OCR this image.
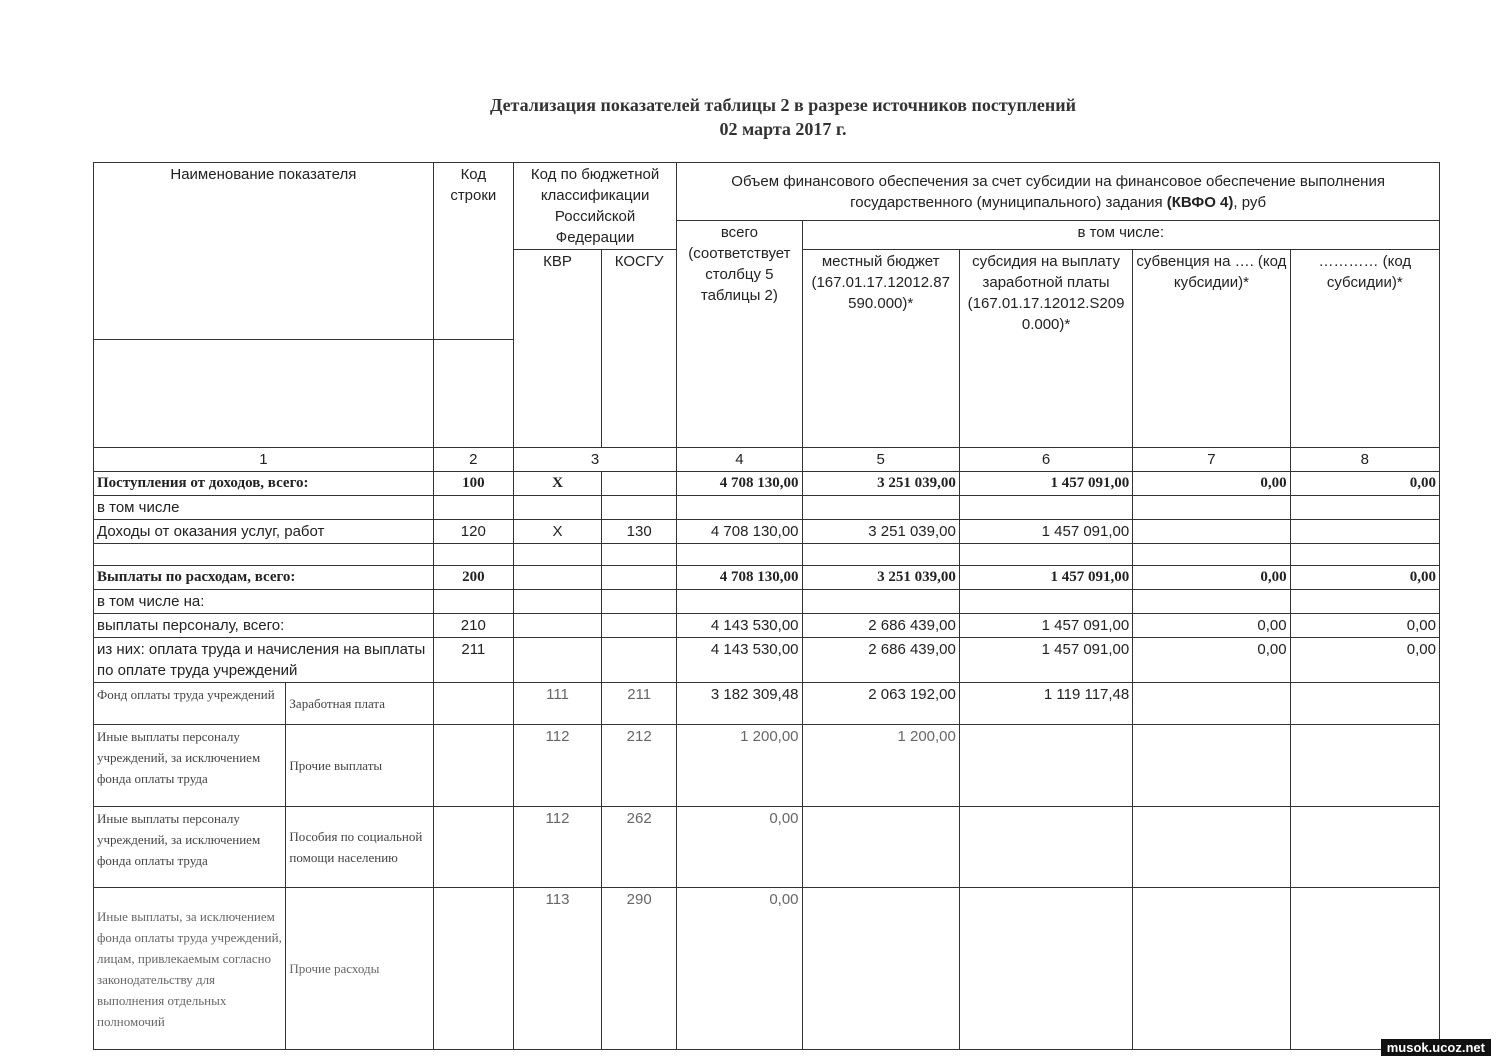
Детализация показателей таблицы 2 в разрезе источников поступлений
02 марта 2017 г.
Наименование показателя		Код строки	Код по бюджетной классификации Российской Федерации		Объем финансового обеспечения за счет субсидии на финансовое обеспечение выполнения государственного (муниципального) задания (КВФО 4), руб				
					всего (соответствует столбцу 5 таблицы 2)	в том числе:			
			КВР	КОСГУ		местный бюджет (167.01.17.12012.87 590.000)*	субсидия на выплату заработной платы (167.01.17.12012.S209 0.000)*	субвенция на …. (код кубсидии)*	………… (код субсидии)*

1		2	3		4	5	6	7	8
Поступления от доходов, всего:		100	Х		4 708 130,00	3 251 039,00	1 457 091,00	0,00	0,00
в том числе									
Доходы от оказания услуг, работ		120	Х	130	4 708 130,00	3 251 039,00	1 457 091,00		

Выплаты по расходам, всего:		200			4 708 130,00	3 251 039,00	1 457 091,00	0,00	0,00
в том числе на:									
выплаты персоналу, всего:		210			4 143 530,00	2 686 439,00	1 457 091,00	0,00	0,00
из них: оплата труда и начисления на выплаты по оплате труда учреждений		211			4 143 530,00	2 686 439,00	1 457 091,00	0,00	0,00
Фонд оплаты труда учреждений	Заработная плата		111	211	3 182 309,48	2 063 192,00	1 119 117,48		
Иные выплаты персоналу учреждений, за исключением фонда оплаты труда	Прочие выплаты		112	212	1 200,00	1 200,00			
Иные выплаты персоналу учреждений, за исключением фонда оплаты труда	Пособия по социальной помощи населению		112	262	0,00				
Иные выплаты, за исключением фонда оплаты труда учреждений, лицам, привлекаемым согласно законодательству для выполнения отдельных полномочий	Прочие расходы		113	290	0,00				
musok.ucoz.net
